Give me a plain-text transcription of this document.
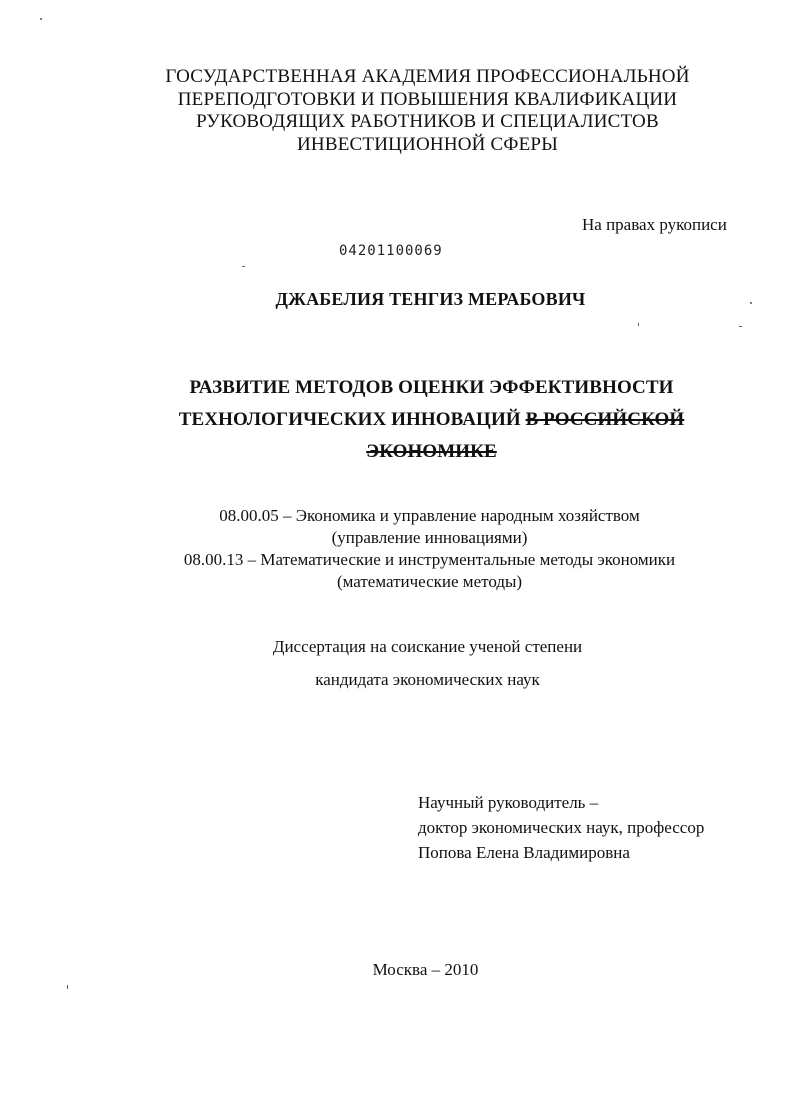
ГОСУДАРСТВЕННАЯ АКАДЕМИЯ ПРОФЕССИОНАЛЬНОЙ
ПЕРЕПОДГОТОВКИ И ПОВЫШЕНИЯ КВАЛИФИКАЦИИ
РУКОВОДЯЩИХ РАБОТНИКОВ И СПЕЦИАЛИСТОВ
ИНВЕСТИЦИОННОЙ СФЕРЫ
На правах рукописи
04201100069
ДЖАБЕЛИЯ ТЕНГИЗ МЕРАБОВИЧ
РАЗВИТИЕ МЕТОДОВ ОЦЕНКИ ЭФФЕКТИВНОСТИ
ТЕХНОЛОГИЧЕСКИХ ИННОВАЦИЙ В РОССИЙСКОЙ
ЭКОНОМИКЕ
08.00.05 – Экономика и управление народным хозяйством
(управление инновациями)
08.00.13 – Математические и инструментальные методы экономики
(математические методы)
Диссертация на соискание ученой степени
кандидата экономических наук
Научный руководитель –
доктор экономических наук, профессор
Попова Елена Владимировна
Москва – 2010
